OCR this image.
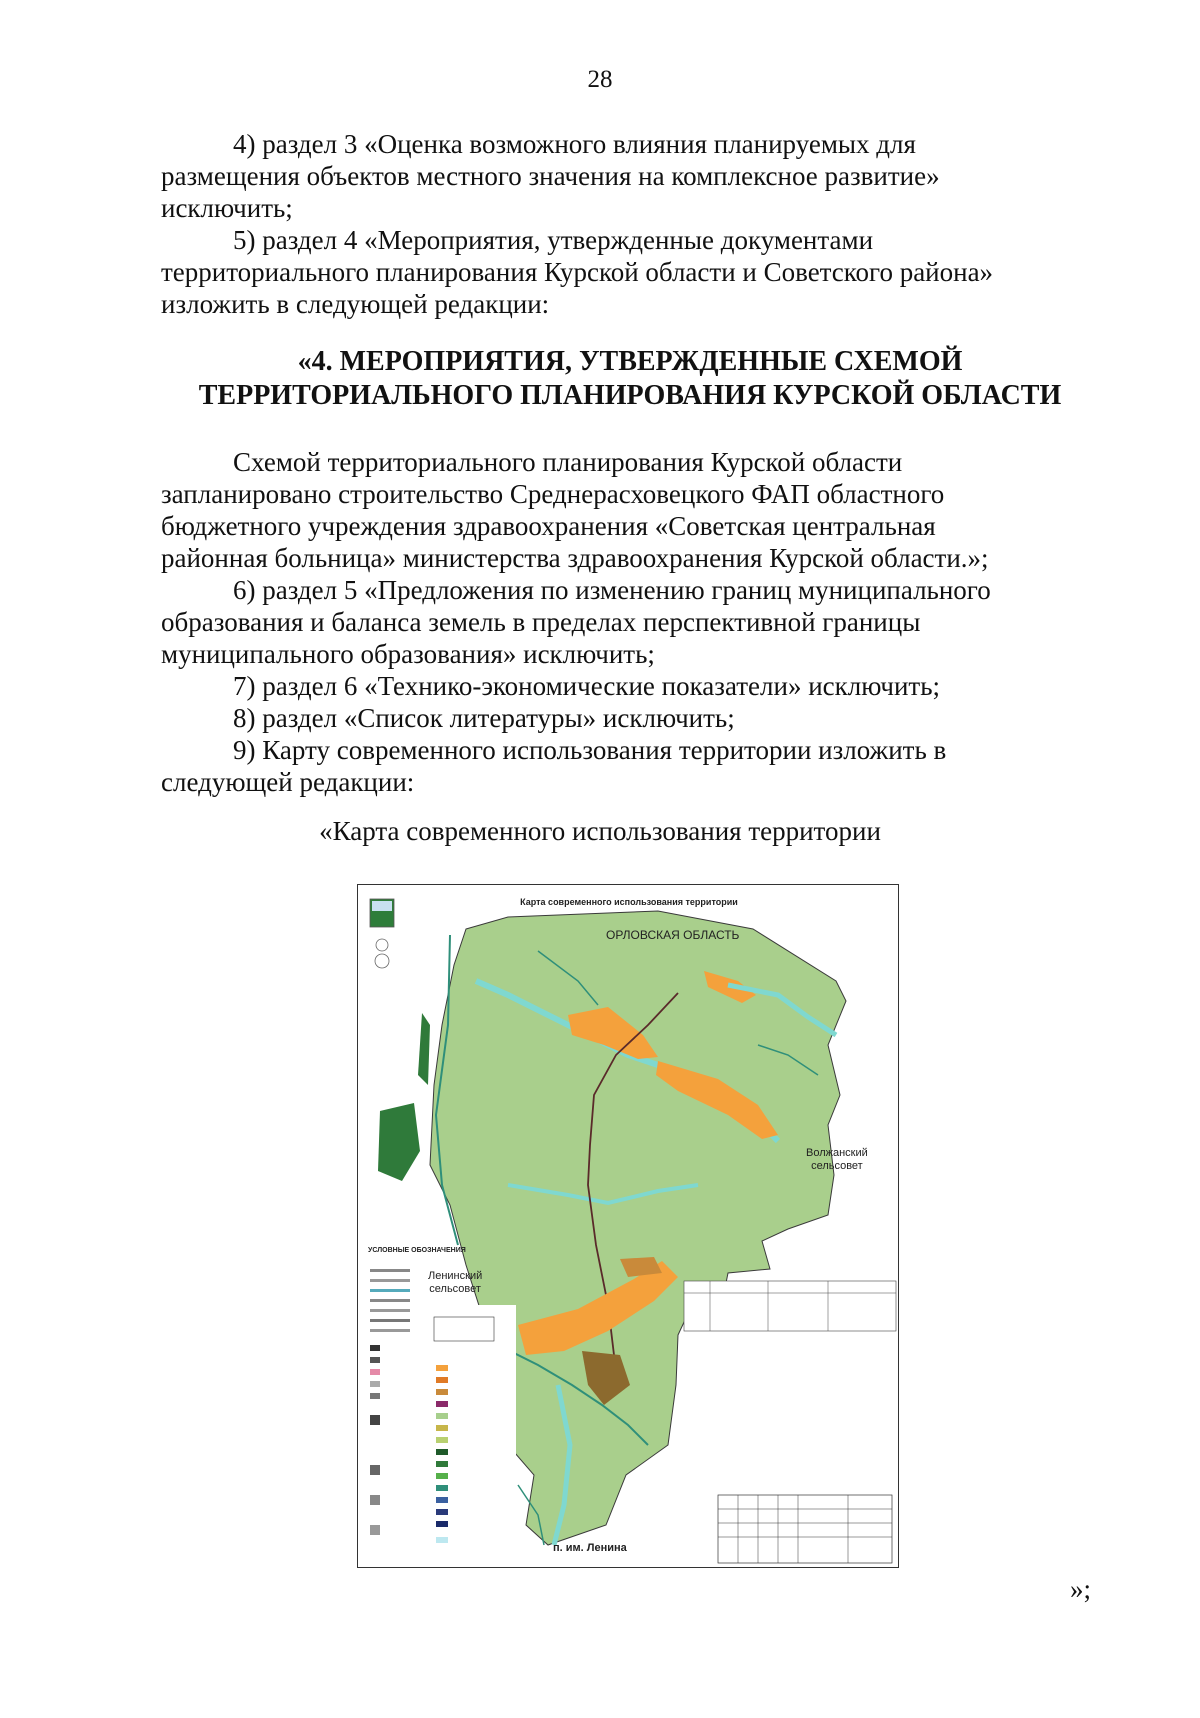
28

4) раздел 3 «Оценка возможного влияния планируемых для
размещения объектов местного значения на комплексное развитие»
исключить;

5) раздел 4 «Мероприятия, утвержденные документами
территориального планирования Курской области и Советского района»
изложить в следующей редакции:

«4. МЕРОПРИЯТИЯ, УТВЕРЖДЕННЫЕ СХЕМОЙ
ТЕРРИТОРИАЛЬНОГО ПЛАНИРОВАНИЯ КУРСКОЙ ОБЛАСТИ

Схемой территориального планирования Курской области
запланировано строительство Среднерасховецкого ФАП областного
бюджетного учреждения здравоохранения «Советская центральная
районная больница» министерства здравоохранения Курской области.»;

6) раздел 5 «Предложения по изменению границ муниципального
образования и баланса земель в пределах перспективной границы
муниципального образования» исключить;

7) раздел 6 «Технико-экономические показатели» исключить;

8) раздел «Список литературы» исключить;

9) Карту современного использования территории изложить в
следующей редакции:

«Карта современного использования территории
Карта современного использования территории
ОРЛОВСКАЯ ОБЛАСТЬ
Волжанский
сельсовет
Ленинский
сельсовет
УСЛОВНЫЕ ОБОЗНАЧЕНИЯ
п. им. Ленина
»;
